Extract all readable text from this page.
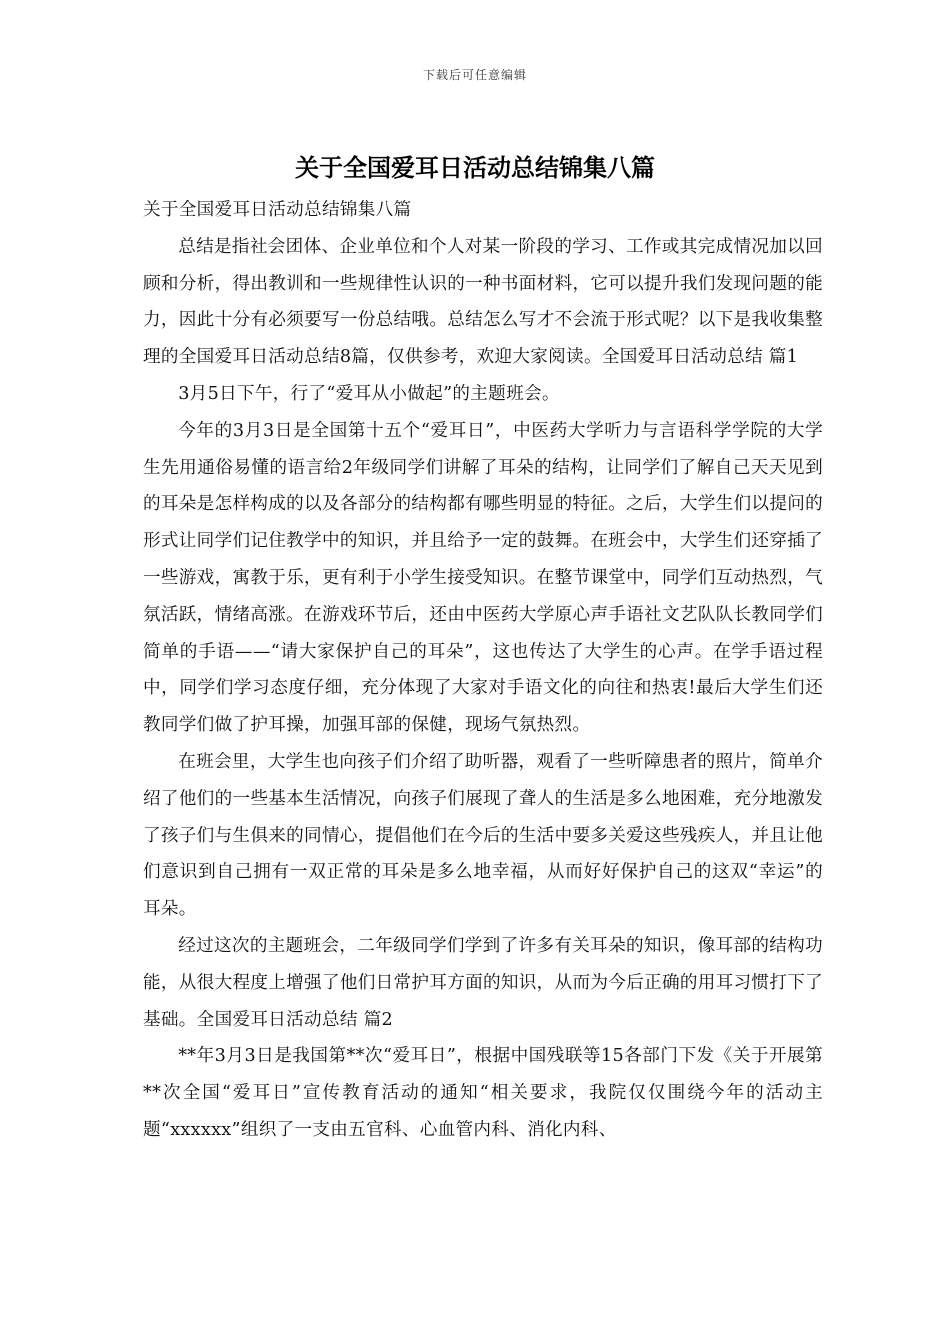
下载后可任意编辑
关于全国爱耳日活动总结锦集八篇

关于全国爱耳日活动总结锦集八篇

总结是指社会团体、企业单位和个人对某一阶段的学习、工作或其完成情况加以回顾和分析，得出教训和一些规律性认识的一种书面材料，它可以提升我们发现问题的能力，因此十分有必须要写一份总结哦。总结怎么写才不会流于形式呢？以下是我收集整理的全国爱耳日活动总结8篇，仅供参考，欢迎大家阅读。全国爱耳日活动总结 篇1

3月5日下午，行了“爱耳从小做起”的主题班会。

今年的3月3日是全国第十五个“爱耳日”，中医药大学听力与言语科学学院的大学生先用通俗易懂的语言给2年级同学们讲解了耳朵的结构，让同学们了解自己天天见到的耳朵是怎样构成的以及各部分的结构都有哪些明显的特征。之后，大学生们以提问的形式让同学们记住教学中的知识，并且给予一定的鼓舞。在班会中，大学生们还穿插了一些游戏，寓教于乐，更有利于小学生接受知识。在整节课堂中，同学们互动热烈，气氛活跃，情绪高涨。在游戏环节后，还由中医药大学原心声手语社文艺队队长教同学们简单的手语——“请大家保护自己的耳朵”，这也传达了大学生的心声。在学手语过程中，同学们学习态度仔细，充分体现了大家对手语文化的向往和热衷!最后大学生们还教同学们做了护耳操，加强耳部的保健，现场气氛热烈。

在班会里，大学生也向孩子们介绍了助听器，观看了一些听障患者的照片，简单介绍了他们的一些基本生活情况，向孩子们展现了聋人的生活是多么地困难，充分地激发了孩子们与生俱来的同情心，提倡他们在今后的生活中要多关爱这些残疾人，并且让他们意识到自己拥有一双正常的耳朵是多么地幸福，从而好好保护自己的这双“幸运”的耳朵。

经过这次的主题班会，二年级同学们学到了许多有关耳朵的知识，像耳部的结构功能，从很大程度上增强了他们日常护耳方面的知识，从而为今后正确的用耳习惯打下了基础。全国爱耳日活动总结 篇2

**年3月3日是我国第**次“爱耳日”，根据中国残联等15各部门下发《关于开展第**次全国“爱耳日”宣传教育活动的通知“相关要求，我院仅仅围绕今年的活动主题“xxxxxx”组织了一支由五官科、心血管内科、消化内科、
